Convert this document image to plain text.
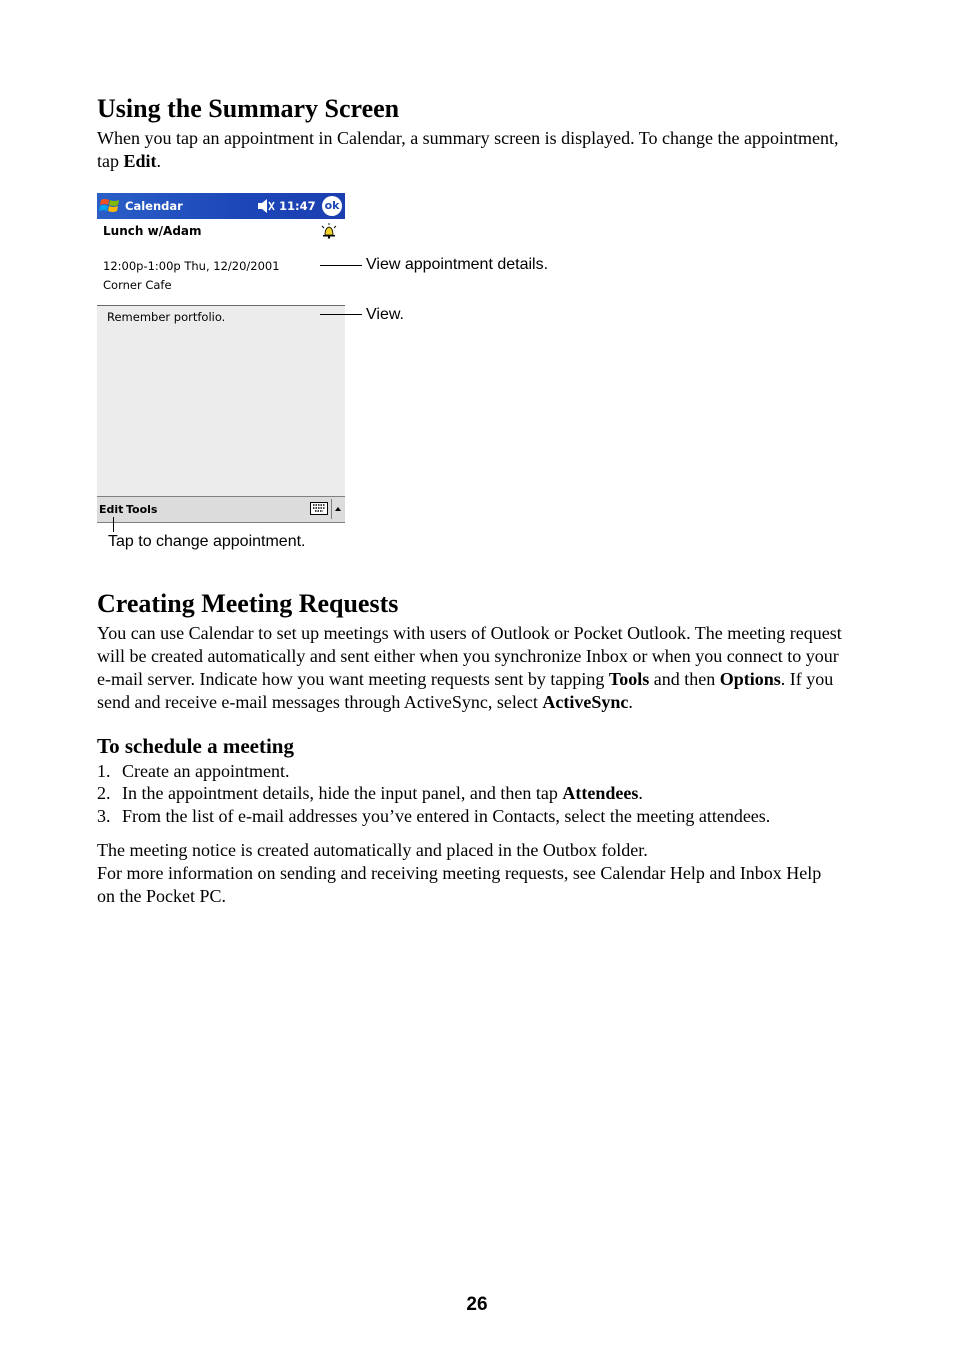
Using the Summary Screen

When you tap an appointment in Calendar, a summary screen is displayed. To change the appointment, tap Edit.

Calendar	11:47 ok
Lunch w/Adam
12:00p-1:00p Thu, 12/20/2001
Corner Cafe
Remember portfolio.
Edit Tools
View appointment details.
View.
Tap to change appointment.
Creating Meeting Requests

You can use Calendar to set up meetings with users of Outlook or Pocket Outlook. The meeting request will be created automatically and sent either when you synchronize Inbox or when you connect to your e-mail server. Indicate how you want meeting requests sent by tapping Tools and then Options. If you send and receive e-mail messages through ActiveSync, select ActiveSync.

To schedule a meeting
1. Create an appointment.
2. In the appointment details, hide the input panel, and then tap Attendees.
3. From the list of e-mail addresses you’ve entered in Contacts, select the meeting attendees.

The meeting notice is created automatically and placed in the Outbox folder.

For more information on sending and receiving meeting requests, see Calendar Help and Inbox Help on the Pocket PC.

26
